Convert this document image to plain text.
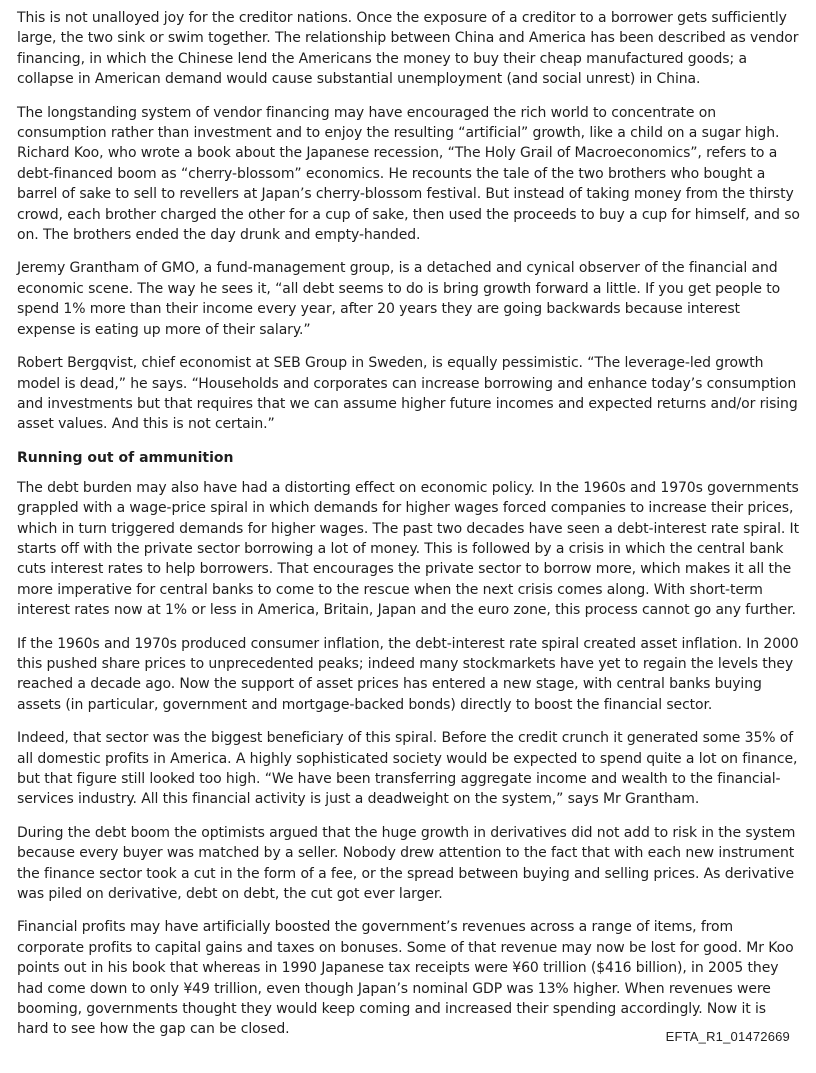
This is not unalloyed joy for the creditor nations. Once the exposure of a creditor to a borrower gets sufficiently large, the two sink or swim together. The relationship between China and America has been described as vendor financing, in which the Chinese lend the Americans the money to buy their cheap manufactured goods; a collapse in American demand would cause substantial unemployment (and social unrest) in China.

The longstanding system of vendor financing may have encouraged the rich world to concentrate on consumption rather than investment and to enjoy the resulting “artificial” growth, like a child on a sugar high. Richard Koo, who wrote a book about the Japanese recession, “The Holy Grail of Macroeconomics”, refers to a debt-financed boom as “cherry-blossom” economics. He recounts the tale of the two brothers who bought a barrel of sake to sell to revellers at Japan’s cherry-blossom festival. But instead of taking money from the thirsty crowd, each brother charged the other for a cup of sake, then used the proceeds to buy a cup for himself, and so on. The brothers ended the day drunk and empty-handed.

Jeremy Grantham of GMO, a fund-management group, is a detached and cynical observer of the financial and economic scene. The way he sees it, “all debt seems to do is bring growth forward a little. If you get people to spend 1% more than their income every year, after 20 years they are going backwards because interest expense is eating up more of their salary.”

Robert Bergqvist, chief economist at SEB Group in Sweden, is equally pessimistic. “The leverage-led growth model is dead,” he says. “Households and corporates can increase borrowing and enhance today’s consumption and investments but that requires that we can assume higher future incomes and expected returns and/or rising asset values. And this is not certain.”

Running out of ammunition

The debt burden may also have had a distorting effect on economic policy. In the 1960s and 1970s governments grappled with a wage-price spiral in which demands for higher wages forced companies to increase their prices, which in turn triggered demands for higher wages. The past two decades have seen a debt-interest rate spiral. It starts off with the private sector borrowing a lot of money. This is followed by a crisis in which the central bank cuts interest rates to help borrowers. That encourages the private sector to borrow more, which makes it all the more imperative for central banks to come to the rescue when the next crisis comes along. With short-term interest rates now at 1% or less in America, Britain, Japan and the euro zone, this process cannot go any further.

If the 1960s and 1970s produced consumer inflation, the debt-interest rate spiral created asset inflation. In 2000 this pushed share prices to unprecedented peaks; indeed many stockmarkets have yet to regain the levels they reached a decade ago. Now the support of asset prices has entered a new stage, with central banks buying assets (in particular, government and mortgage-backed bonds) directly to boost the financial sector.

Indeed, that sector was the biggest beneficiary of this spiral. Before the credit crunch it generated some 35% of all domestic profits in America. A highly sophisticated society would be expected to spend quite a lot on finance, but that figure still looked too high. “We have been transferring aggregate income and wealth to the financial-services industry. All this financial activity is just a deadweight on the system,” says Mr Grantham.

During the debt boom the optimists argued that the huge growth in derivatives did not add to risk in the system because every buyer was matched by a seller. Nobody drew attention to the fact that with each new instrument the finance sector took a cut in the form of a fee, or the spread between buying and selling prices. As derivative was piled on derivative, debt on debt, the cut got ever larger.

Financial profits may have artificially boosted the government’s revenues across a range of items, from corporate profits to capital gains and taxes on bonuses. Some of that revenue may now be lost for good. Mr Koo points out in his book that whereas in 1990 Japanese tax receipts were ¥60 trillion ($416 billion), in 2005 they had come down to only ¥49 trillion, even though Japan’s nominal GDP was 13% higher. When revenues were booming, governments thought they would keep coming and increased their spending accordingly. Now it is hard to see how the gap can be closed.	EFTA_R1_01472669
